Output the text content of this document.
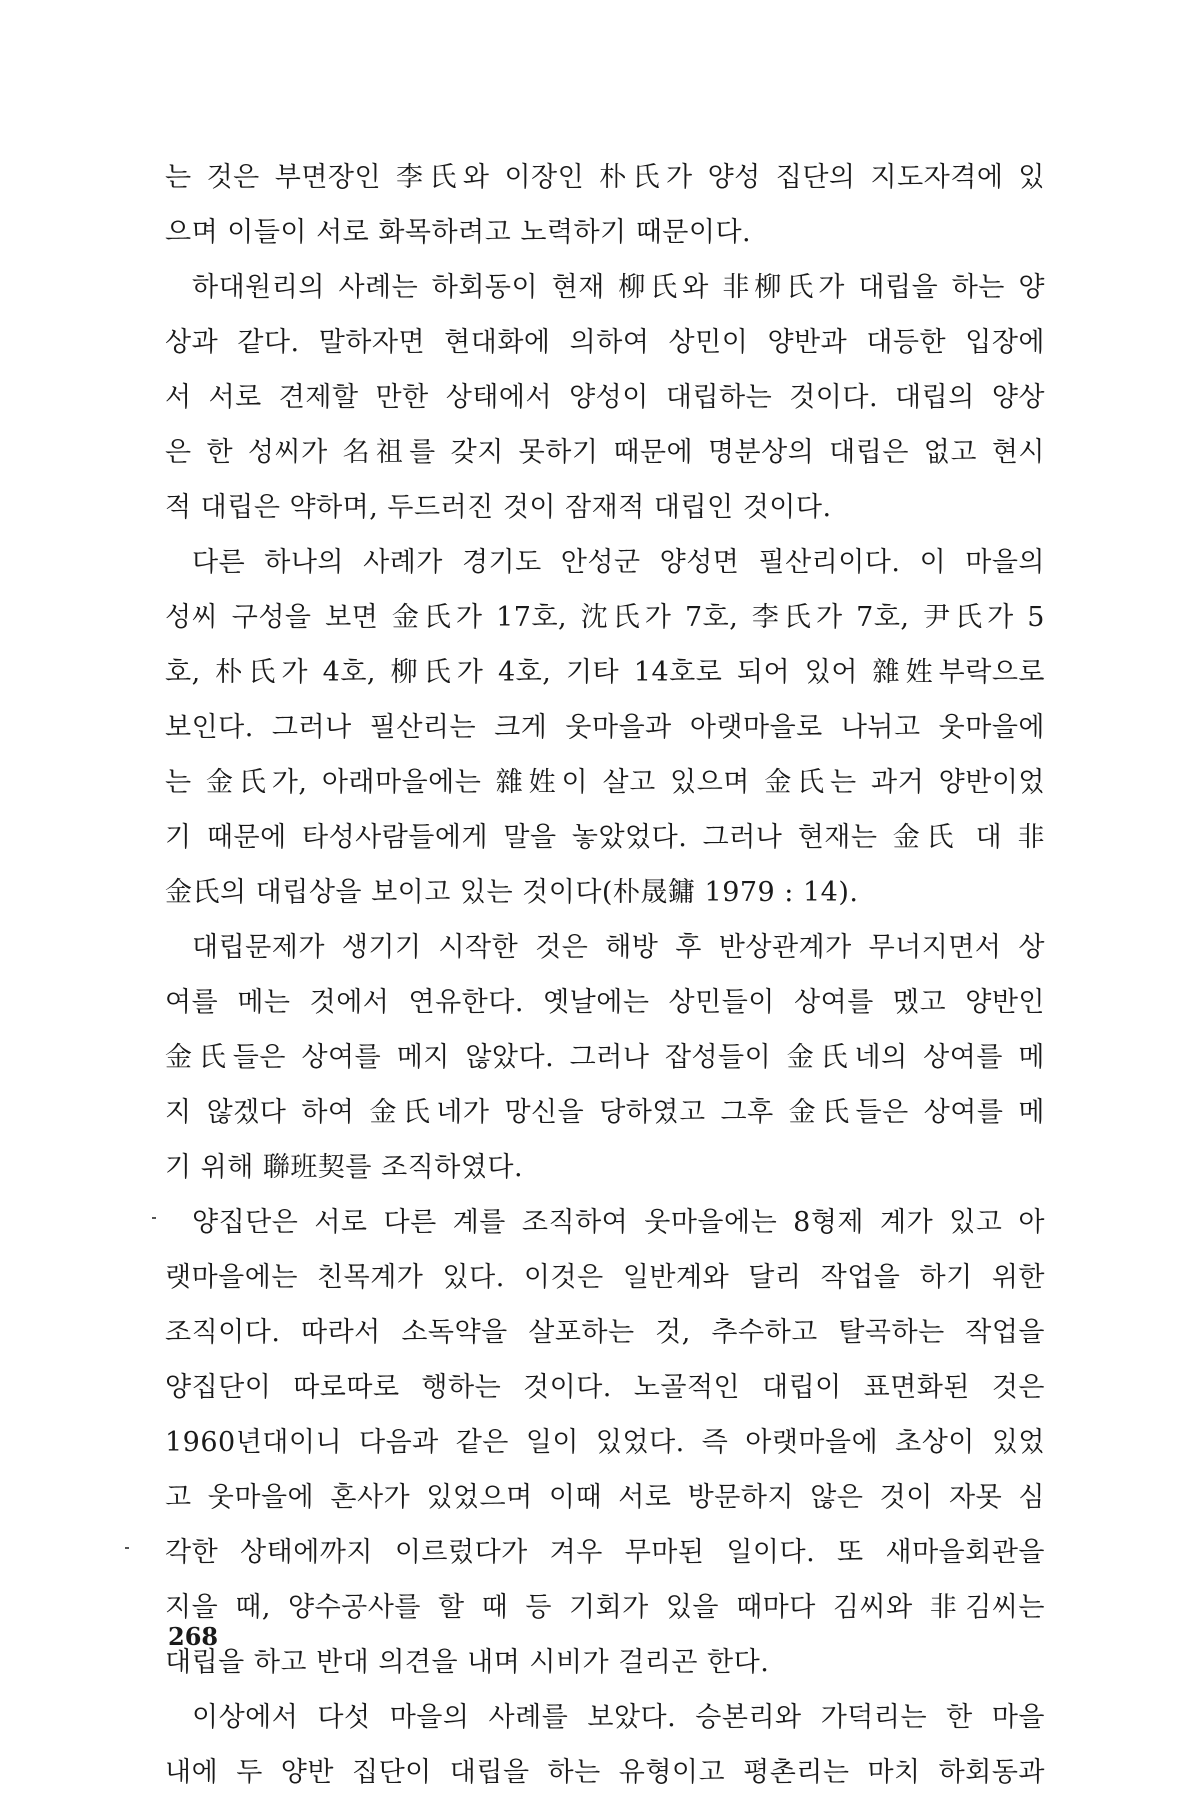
는 것은 부면장인 李氏와 이장인 朴氏가 양성 집단의 지도자격에 있
으며 이들이 서로 화목하려고 노력하기 때문이다.
하대원리의 사례는 하회동이 현재 柳氏와 非柳氏가 대립을 하는 양
상과 같다. 말하자면 현대화에 의하여 상민이 양반과 대등한 입장에
서 서로 견제할 만한 상태에서 양성이 대립하는 것이다. 대립의 양상
은 한 성씨가 名祖를 갖지 못하기 때문에 명분상의 대립은 없고 현시
적 대립은 약하며, 두드러진 것이 잠재적 대립인 것이다.
다른 하나의 사례가 경기도 안성군 양성면 필산리이다. 이 마을의
성씨 구성을 보면 金氏가 17호, 沈氏가 7호, 李氏가 7호, 尹氏가 5
호, 朴氏가 4호, 柳氏가 4호, 기타 14호로 되어 있어 雜姓부락으로
보인다. 그러나 필산리는 크게 웃마을과 아랫마을로 나뉘고 웃마을에
는 金氏가, 아래마을에는 雜姓이 살고 있으며 金氏는 과거 양반이었
기 때문에 타성사람들에게 말을 놓았었다. 그러나 현재는 金氏 대 非
金氏의 대립상을 보이고 있는 것이다(朴晟鏞 1979 : 14).
대립문제가 생기기 시작한 것은 해방 후 반상관계가 무너지면서 상
여를 메는 것에서 연유한다. 옛날에는 상민들이 상여를 멨고 양반인
金氏들은 상여를 메지 않았다. 그러나 잡성들이 金氏네의 상여를 메
지 않겠다 하여 金氏네가 망신을 당하였고 그후 金氏들은 상여를 메
기 위해 聯班契를 조직하였다.
양집단은 서로 다른 계를 조직하여 웃마을에는 8형제 계가 있고 아
랫마을에는 친목계가 있다. 이것은 일반계와 달리 작업을 하기 위한
조직이다. 따라서 소독약을 살포하는 것, 추수하고 탈곡하는 작업을
양집단이 따로따로 행하는 것이다. 노골적인 대립이 표면화된 것은
1960년대이니 다음과 같은 일이 있었다. 즉 아랫마을에 초상이 있었
고 웃마을에 혼사가 있었으며 이때 서로 방문하지 않은 것이 자못 심
각한 상태에까지 이르렀다가 겨우 무마된 일이다. 또 새마을회관을
지을 때, 양수공사를 할 때 등 기회가 있을 때마다 김씨와 非김씨는
대립을 하고 반대 의견을 내며 시비가 걸리곤 한다.
이상에서 다섯 마을의 사례를 보았다. 승본리와 가덕리는 한 마을
내에 두 양반 집단이 대립을 하는 유형이고 평촌리는 마치 하회동과
268
